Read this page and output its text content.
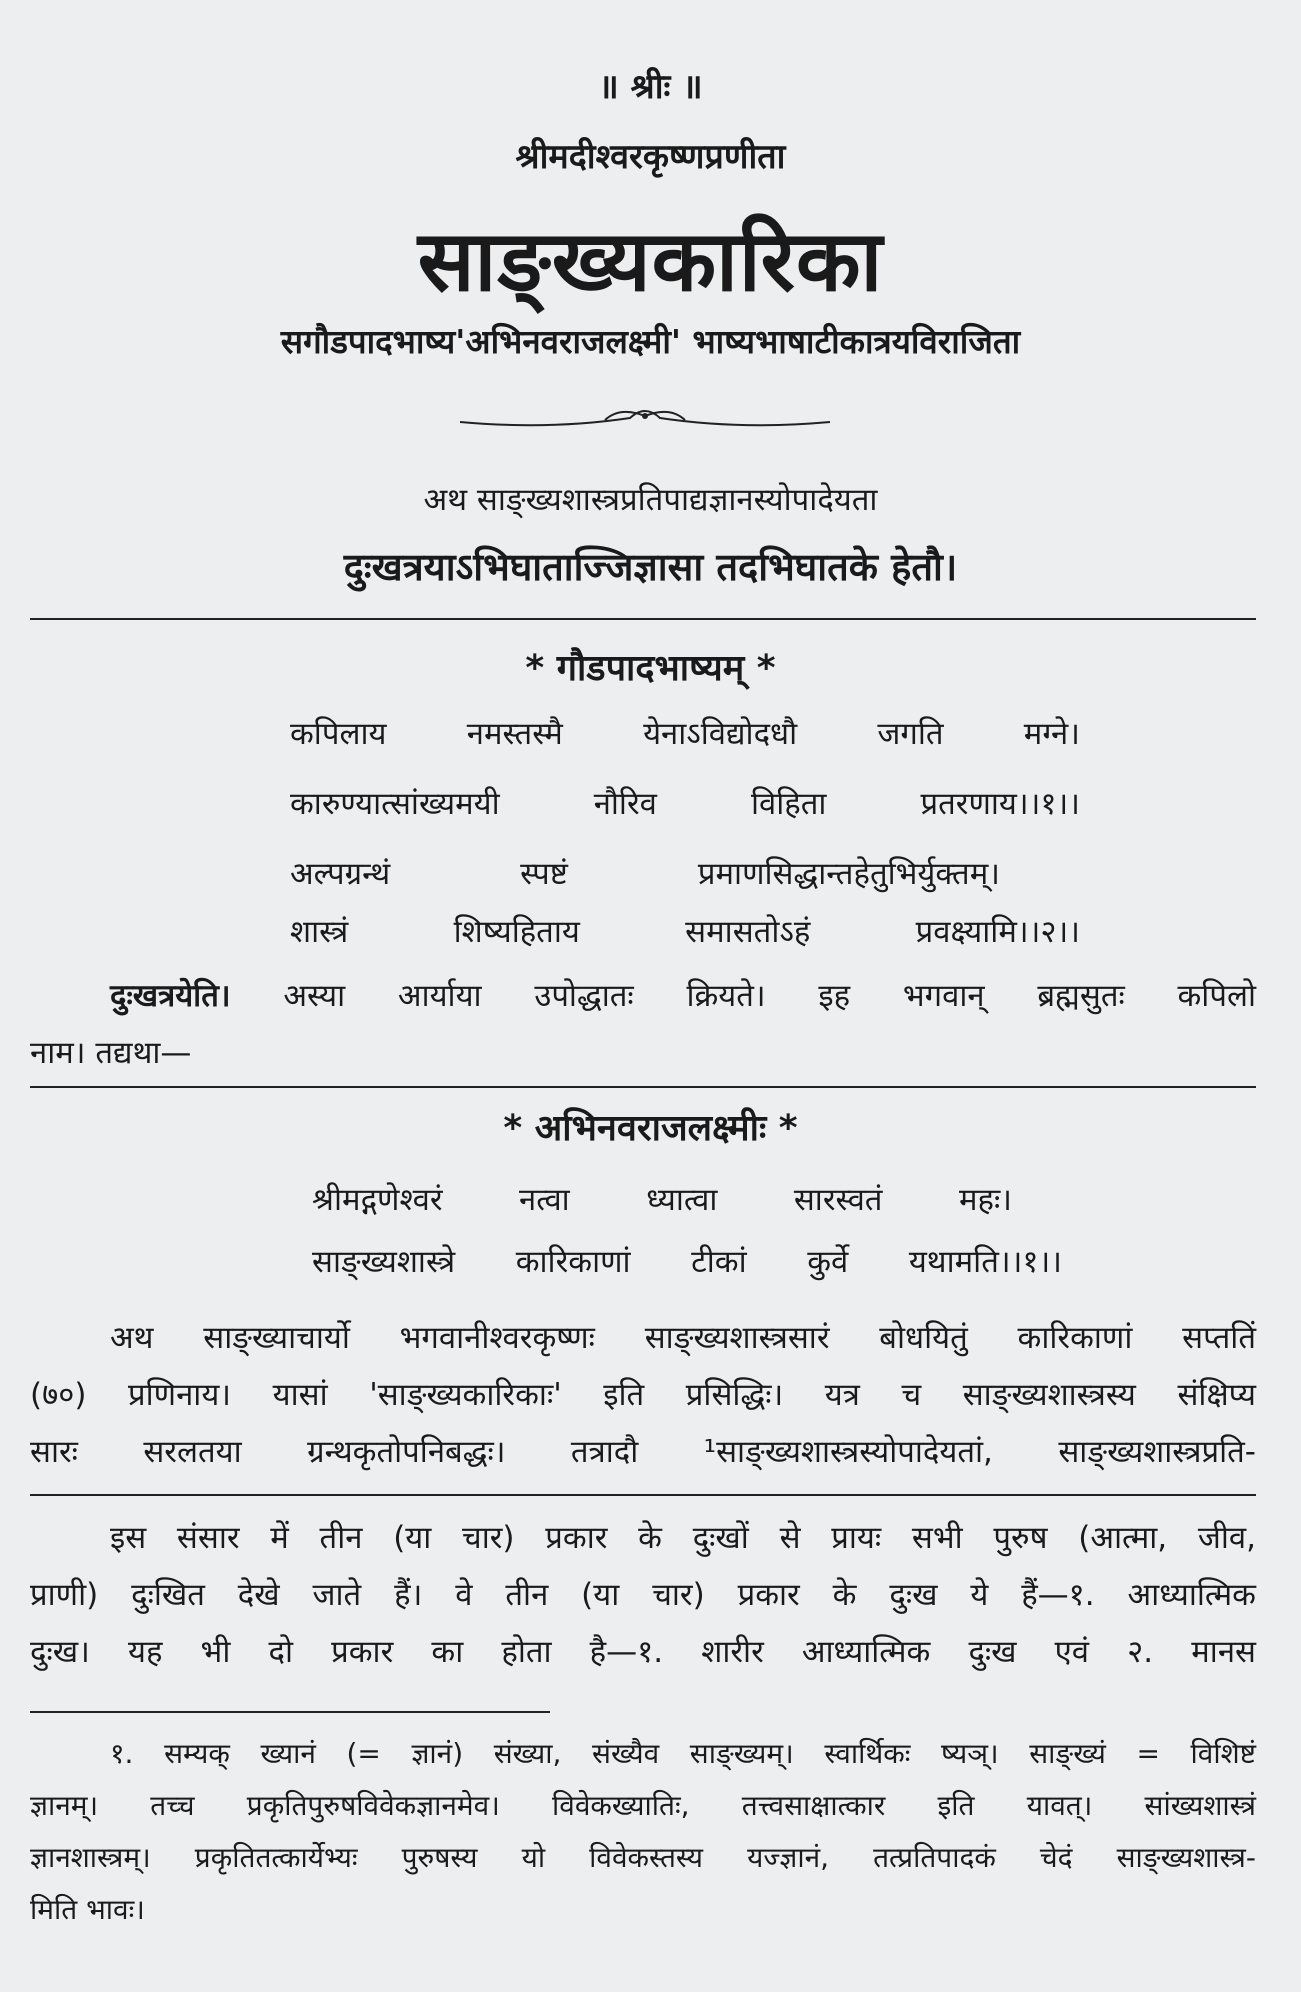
॥ श्रीः ॥
श्रीमदीश्वरकृष्णप्रणीता
साङ्ख्यकारिका
सगौडपादभाष्य'अभिनवराजलक्ष्मी' भाष्यभाषाटीकात्रयविराजिता
अथ साङ्ख्यशास्त्रप्रतिपाद्यज्ञानस्योपादेयता
दुःखत्रयाऽभिघाताज्जिज्ञासा तदभिघातके हेतौ।
* गौडपादभाष्यम् *
कपिलाय	नमस्तस्मै	येनाऽविद्योदधौ	जगति	मग्ने।
कारुण्यात्सांख्यमयी	नौरिव	विहिता	प्रतरणाय।।१।।
अल्पग्रन्थं	स्पष्टं	प्रमाणसिद्धान्तहेतुभिर्युक्तम्।
शास्त्रं	शिष्यहिताय	समासतोऽहं	प्रवक्ष्यामि।।२।।
दुःखत्रयेति। अस्या आर्याया उपोद्धातः क्रियते। इह भगवान् ब्रह्मसुतः कपिलो
नाम। तद्यथा—
* अभिनवराजलक्ष्मीः *
श्रीमद्गणेश्वरं नत्वा ध्यात्वा सारस्वतं महः।
साङ्ख्यशास्त्रे कारिकाणां टीकां कुर्वे यथामति।।१।।
अथ साङ्ख्याचार्यो भगवानीश्वरकृष्णः साङ्ख्यशास्त्रसारं बोधयितुं कारिकाणां सप्ततिं
(७०) प्रणिनाय। यासां 'साङ्ख्यकारिकाः' इति प्रसिद्धिः। यत्र च साङ्ख्यशास्त्रस्य संक्षिप्य
सारः सरलतया ग्रन्थकृतोपनिबद्धः। तत्रादौ ¹साङ्ख्यशास्त्रस्योपादेयतां, साङ्ख्यशास्त्रप्रति-
इस संसार में तीन (या चार) प्रकार के दुःखों से प्रायः सभी पुरुष (आत्मा, जीव,
प्राणी) दुःखित देखे जाते हैं। वे तीन (या चार) प्रकार के दुःख ये हैं—१. आध्यात्मिक
दुःख। यह भी दो प्रकार का होता है—१. शारीर आध्यात्मिक दुःख एवं २. मानस
१. सम्यक् ख्यानं (= ज्ञानं) संख्या, संख्यैव साङ्ख्यम्। स्वार्थिकः ष्यञ्। साङ्ख्यं = विशिष्टं
ज्ञानम्। तच्च प्रकृतिपुरुषविवेकज्ञानमेव। विवेकख्यातिः, तत्त्वसाक्षात्कार इति यावत्। सांख्यशास्त्रं
ज्ञानशास्त्रम्। प्रकृतितत्कार्येभ्यः पुरुषस्य यो विवेकस्तस्य यज्ज्ञानं, तत्प्रतिपादकं चेदं साङ्ख्यशास्त्र-
मिति भावः।
